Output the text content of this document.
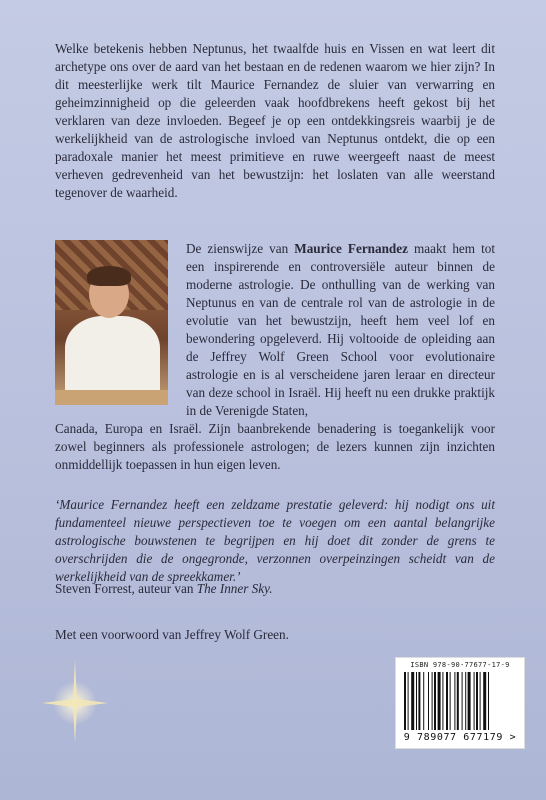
Welke betekenis hebben Neptunus, het twaalfde huis en Vissen en wat leert dit archetype ons over de aard van het bestaan en de redenen waarom we hier zijn? In dit meesterlijke werk tilt Maurice Fernandez de sluier van verwarring en geheimzinnigheid op die geleerden vaak hoofdbrekens heeft gekost bij het verklaren van deze invloeden. Begeef je op een ontdekkingsreis waarbij je de werkelijkheid van de astrologische invloed van Neptunus ontdekt, die op een paradoxale manier het meest primitieve en ruwe weergeeft naast de meest verheven gedrevenheid van het bewustzijn: het loslaten van alle weerstand tegenover de waarheid.

De zienswijze van Maurice Fernandez maakt hem tot een inspirerende en controversiële auteur binnen de moderne astrologie. De onthulling van de werking van Neptunus en van de centrale rol van de astrologie in de evolutie van het bewustzijn, heeft hem veel lof en bewondering opgeleverd. Hij voltooide de opleiding aan de Jeffrey Wolf Green School voor evolutionaire astrologie en is al verscheidene jaren leraar en directeur van deze school in Israël. Hij heeft nu een drukke praktijk in de Verenigde Staten,

Canada, Europa en Israël. Zijn baanbrekende benadering is toegankelijk voor zowel beginners als professionele astrologen; de lezers kunnen zijn inzichten onmiddellijk toepassen in hun eigen leven.

‘Maurice Fernandez heeft een zeldzame prestatie geleverd: hij nodigt ons uit fundamenteel nieuwe perspectieven toe te voegen om een aantal belangrijke astrologische bouwstenen te begrijpen en hij doet dit zonder de grens te overschrijden die de ongegronde, verzonnen overpeinzingen scheidt van de werkelijkheid van de spreekkamer.’

Steven Forrest, auteur van The Inner Sky.

Met een voorwoord van Jeffrey Wolf Green.

ISBN 978-90-77677-17-9
9 789077 677179 >
